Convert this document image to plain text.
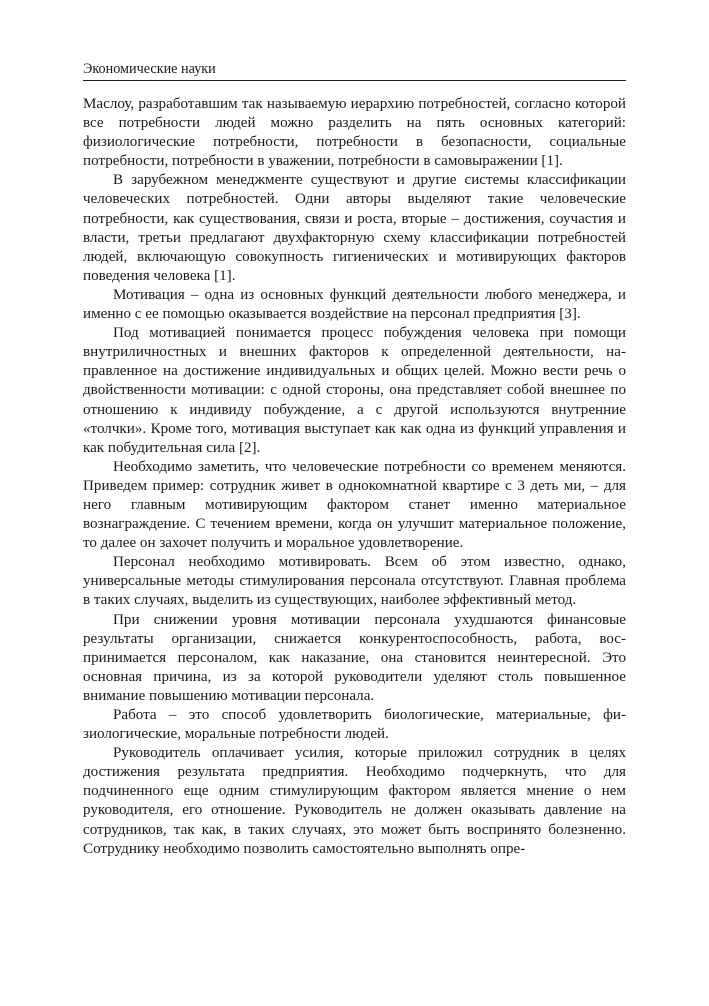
Экономические науки

Маслоу, разработавшим так называемую иерархию потребностей, согласно которой все потребности людей можно разделить на пять основных категорий: физиологические потребности, потребности в безопасности, социальные потребности, потребности в уважении, потребности в самовыражении [1].

В зарубежном менеджменте существуют и другие системы классификации человеческих потребностей. Одни авторы выделяют такие человеческие потребности, как существования, связи и роста, вторые – достижения, соучастия и власти, третьи предлагают двухфакторную схему классификации потребностей людей, включающую совокупность гигиенических и мотивирующих факторов поведения человека [1].

Мотивация – одна из основных функций деятельности любого менеджера, и именно с ее помощью оказывается воздействие на персонал предприятия [3].

Под мотивацией понимается процесс побуждения человека при помощи внутриличностных и внешних факторов к определенной деятельности, направленное на достижение индивидуальных и общих целей. Можно вести речь о двойственности мотивации: с одной стороны, она представляет собой внешнее по отношению к индивиду побуждение, а с другой используются внутренние «толчки». Кроме того, мотивация выступает как как одна из функций управления и как побудительная сила [2].

Необходимо заметить, что человеческие потребности со временем меняются. Приведем пример: сотрудник живет в однокомнатной квартире с 3 деть ми, – для него главным мотивирующим фактором станет именно материальное вознаграждение. С течением времени, когда он улучшит материальное положение, то далее он захочет получить и моральное удовлетворение.

Персонал необходимо мотивировать. Всем об этом известно, однако, универсальные методы стимулирования персонала отсутствуют. Главная проблема в таких случаях, выделить из существующих, наиболее эффективный метод.

При снижении уровня мотивации персонала ухудшаются финансовые результаты организации, снижается конкурентоспособность, работа, воспринимается персоналом, как наказание, она становится неинтересной. Это основная причина, из за которой руководители уделяют столь повышенное внимание повышению мотивации персонала.

Работа – это способ удовлетворить биологические, материальные, физиологические, моральные потребности людей.

Руководитель оплачивает усилия, которые приложил сотрудник в целях достижения результата предприятия. Необходимо подчеркнуть, что для подчиненного еще одним стимулирующим фактором является мнение о нем руководителя, его отношение. Руководитель не должен оказывать давление на сотрудников, так как, в таких случаях, это может быть воспринято болезненно. Сотруднику необходимо позволить самостоятельно выполнять опре-
